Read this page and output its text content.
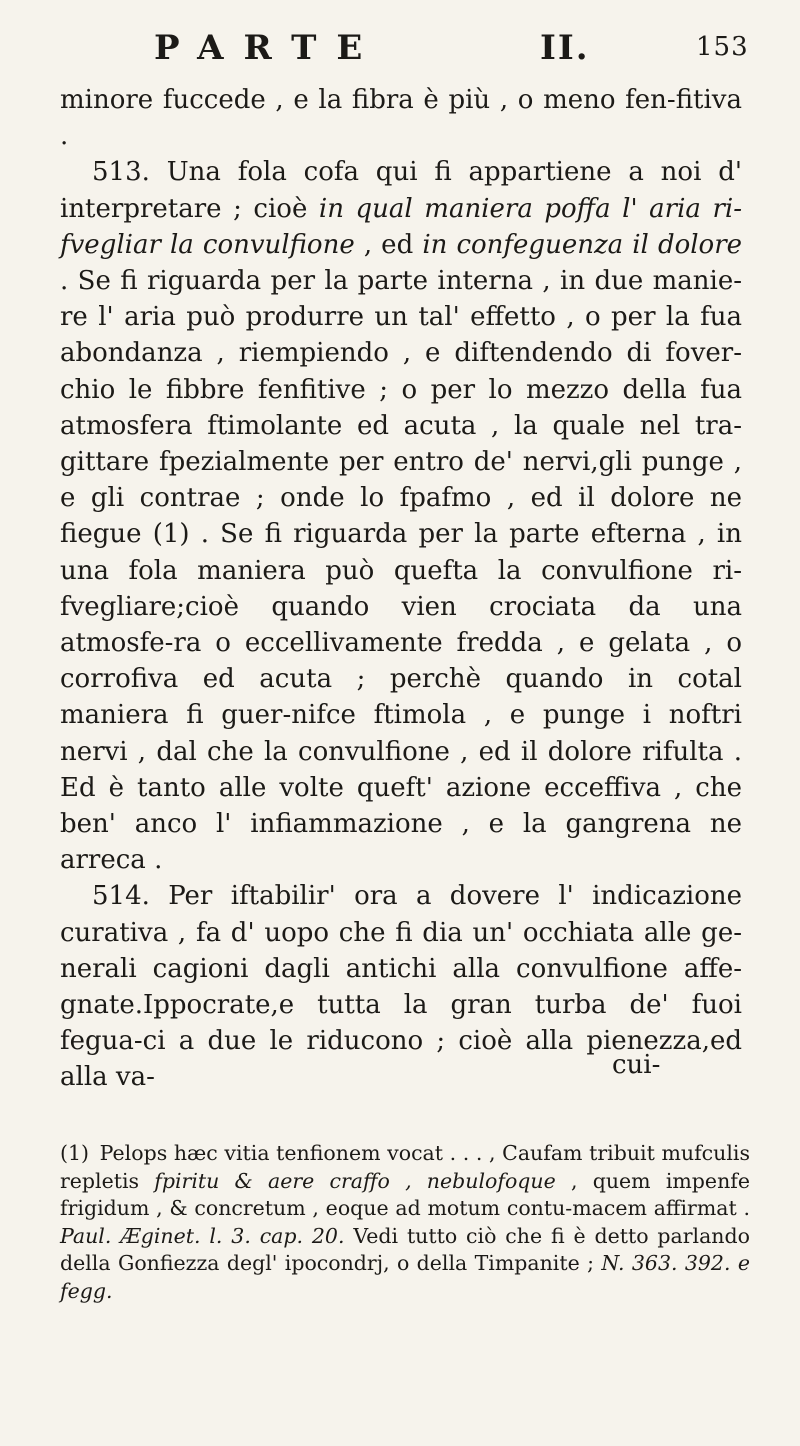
PARTE	II.	153

minore fuccede , e la fibra è più , o meno fen-fitiva .

513. Una fola cofa qui fi appartiene a noi d' interpretare ; cioè in qual maniera poffa l' aria ri-fvegliar la convulfione , ed in confeguenza il dolore . Se fi riguarda per la parte interna , in due manie-re l' aria può produrre un tal' effetto , o per la fua abondanza , riempiendo , e diftendendo di fover-chio le fibbre fenfitive ; o per lo mezzo della fua atmosfera ftimolante ed acuta , la quale nel tra-gittare fpezialmente per entro de' nervi,gli punge , e gli contrae ; onde lo fpafmo , ed il dolore ne fiegue (1) . Se fi riguarda per la parte efterna , in una fola maniera può quefta la convulfione ri-fvegliare;cioè quando vien crociata da una atmosfe-ra o eccellivamente fredda , e gelata , o corrofiva ed acuta ; perchè quando in cotal maniera fi guer-nifce ftimola , e punge i noftri nervi , dal che la convulfione , ed il dolore rifulta . Ed è tanto alle volte queft' azione ecceffiva , che ben' anco l' infiammazione , e la gangrena ne arreca .

514. Per iftabilir' ora a dovere l' indicazione curativa , fa d' uopo che fi dia un' occhiata alle ge-nerali cagioni dagli antichi alla convulfione affe-gnate.Ippocrate,e tutta la gran turba de' fuoi fegua-ci a due le riducono ; cioè alla pienezza,ed alla va-	cui-

(1) Pelops hæc vitia tenfionem vocat . . . , Caufam tribuit mufculis repletis fpiritu & aere craffo , nebulofoque , quem impenfe frigidum , & concretum , eoque ad motum contu-macem affirmat . Paul. Æginet. l. 3. cap. 20. Vedi tutto ciò che fi è detto parlando della Gonfiezza degl' ipocondrj, o della Timpanite ; N. 363. 392. e fegg.
